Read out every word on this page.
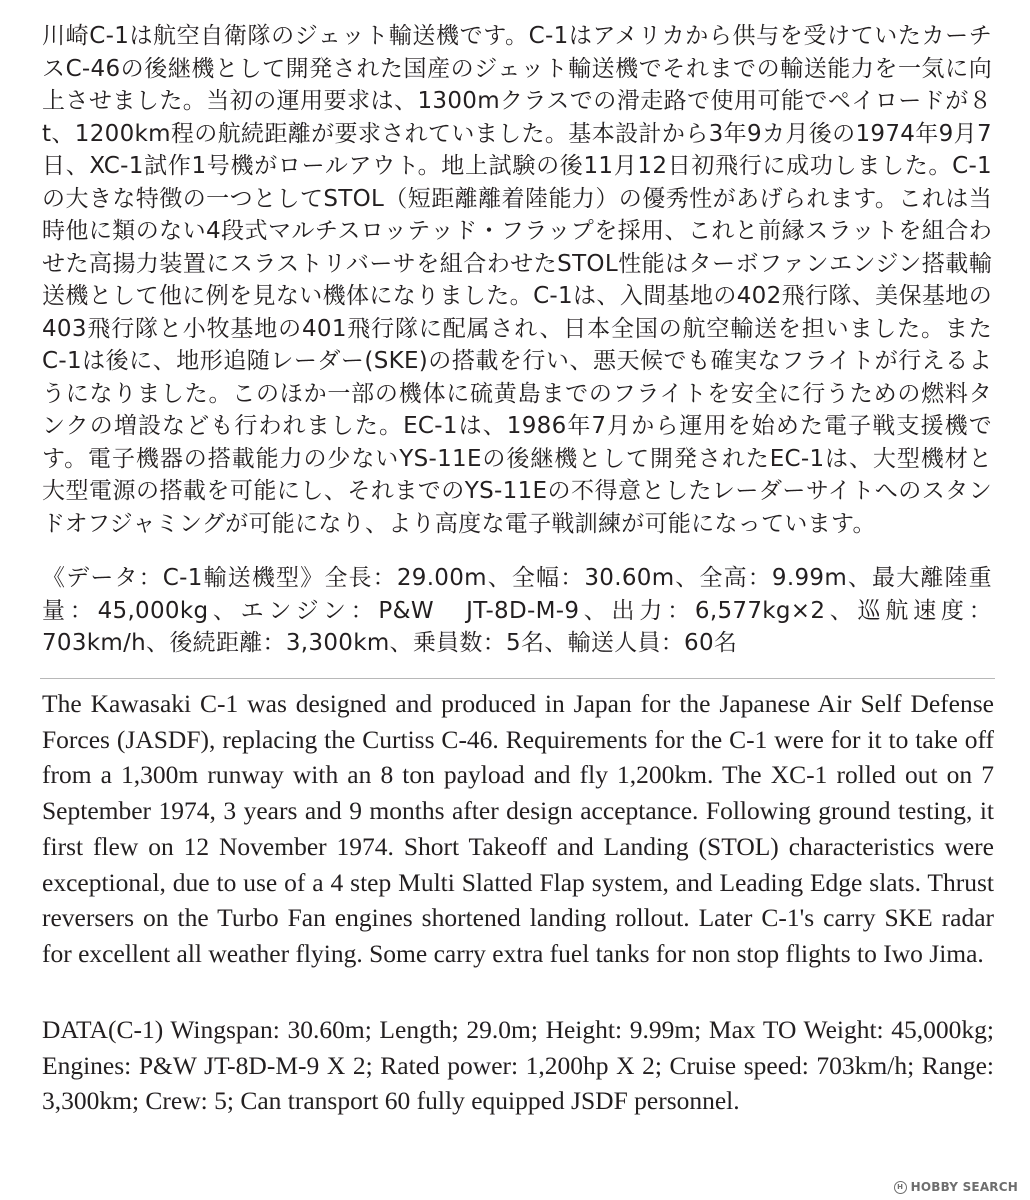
川崎C-1は航空自衛隊のジェット輸送機です。C-1はアメリカから供与を受けていたカーチスC-46の後継機として開発された国産のジェット輸送機でそれまでの輸送能力を一気に向上させました。当初の運用要求は、1300mクラスでの滑走路で使用可能でペイロードが８t、1200km程の航続距離が要求されていました。基本設計から3年9カ月後の1974年9月7日、XC-1試作1号機がロールアウト。地上試験の後11月12日初飛行に成功しました。C-1の大きな特徴の一つとしてSTOL（短距離離着陸能力）の優秀性があげられます。これは当時他に類のない4段式マルチスロッテッド・フラップを採用、これと前縁スラットを組合わせた高揚力装置にスラストリバーサを組合わせたSTOL性能はターボファンエンジン搭載輸送機として他に例を見ない機体になりました。C-1は、入間基地の402飛行隊、美保基地の403飛行隊と小牧基地の401飛行隊に配属され、日本全国の航空輸送を担いました。またC-1は後に、地形追随レーダー(SKE)の搭載を行い、悪天候でも確実なフライトが行えるようになりました。このほか一部の機体に硫黄島までのフライトを安全に行うための燃料タンクの増設なども行われました。EC-1は、1986年7月から運用を始めた電子戦支援機です。電子機器の搭載能力の少ないYS-11Eの後継機として開発されたEC-1は、大型機材と大型電源の搭載を可能にし、それまでのYS-11Eの不得意としたレーダーサイトへのスタンドオフジャミングが可能になり、より高度な電子戦訓練が可能になっています。
《データ：C-1輸送機型》全長：29.00m、全幅：30.60m、全高：9.99m、最大離陸重量：45,000kg、エンジン：P&W　JT-8D-M-9、出力：6,577kg×2、巡航速度：703km/h、後続距離：3,300km、乗員数：5名、輸送人員：60名
The Kawasaki C-1 was designed and produced in Japan for the Japanese Air Self Defense Forces (JASDF), replacing the Curtiss C-46. Requirements for the C-1 were for it to take off from a 1,300m runway with an 8 ton payload and fly 1,200km. The XC-1 rolled out on 7 September 1974, 3 years and 9 months after design acceptance. Following ground testing, it first flew on 12 November 1974. Short Takeoff and Landing (STOL) characteristics were exceptional, due to use of a 4 step Multi Slatted Flap system, and Leading Edge slats. Thrust reversers on the Turbo Fan engines shortened landing rollout. Later C-1's carry SKE radar for excellent all weather flying. Some carry extra fuel tanks for non stop flights to Iwo Jima.
DATA(C-1) Wingspan: 30.60m; Length; 29.0m; Height: 9.99m; Max TO Weight: 45,000kg; Engines: P&W JT-8D-M-9 X 2; Rated power: 1,200hp X 2; Cruise speed: 703km/h; Range: 3,300km; Crew: 5; Can transport 60 fully equipped JSDF personnel.
H HOBBY SEARCH
